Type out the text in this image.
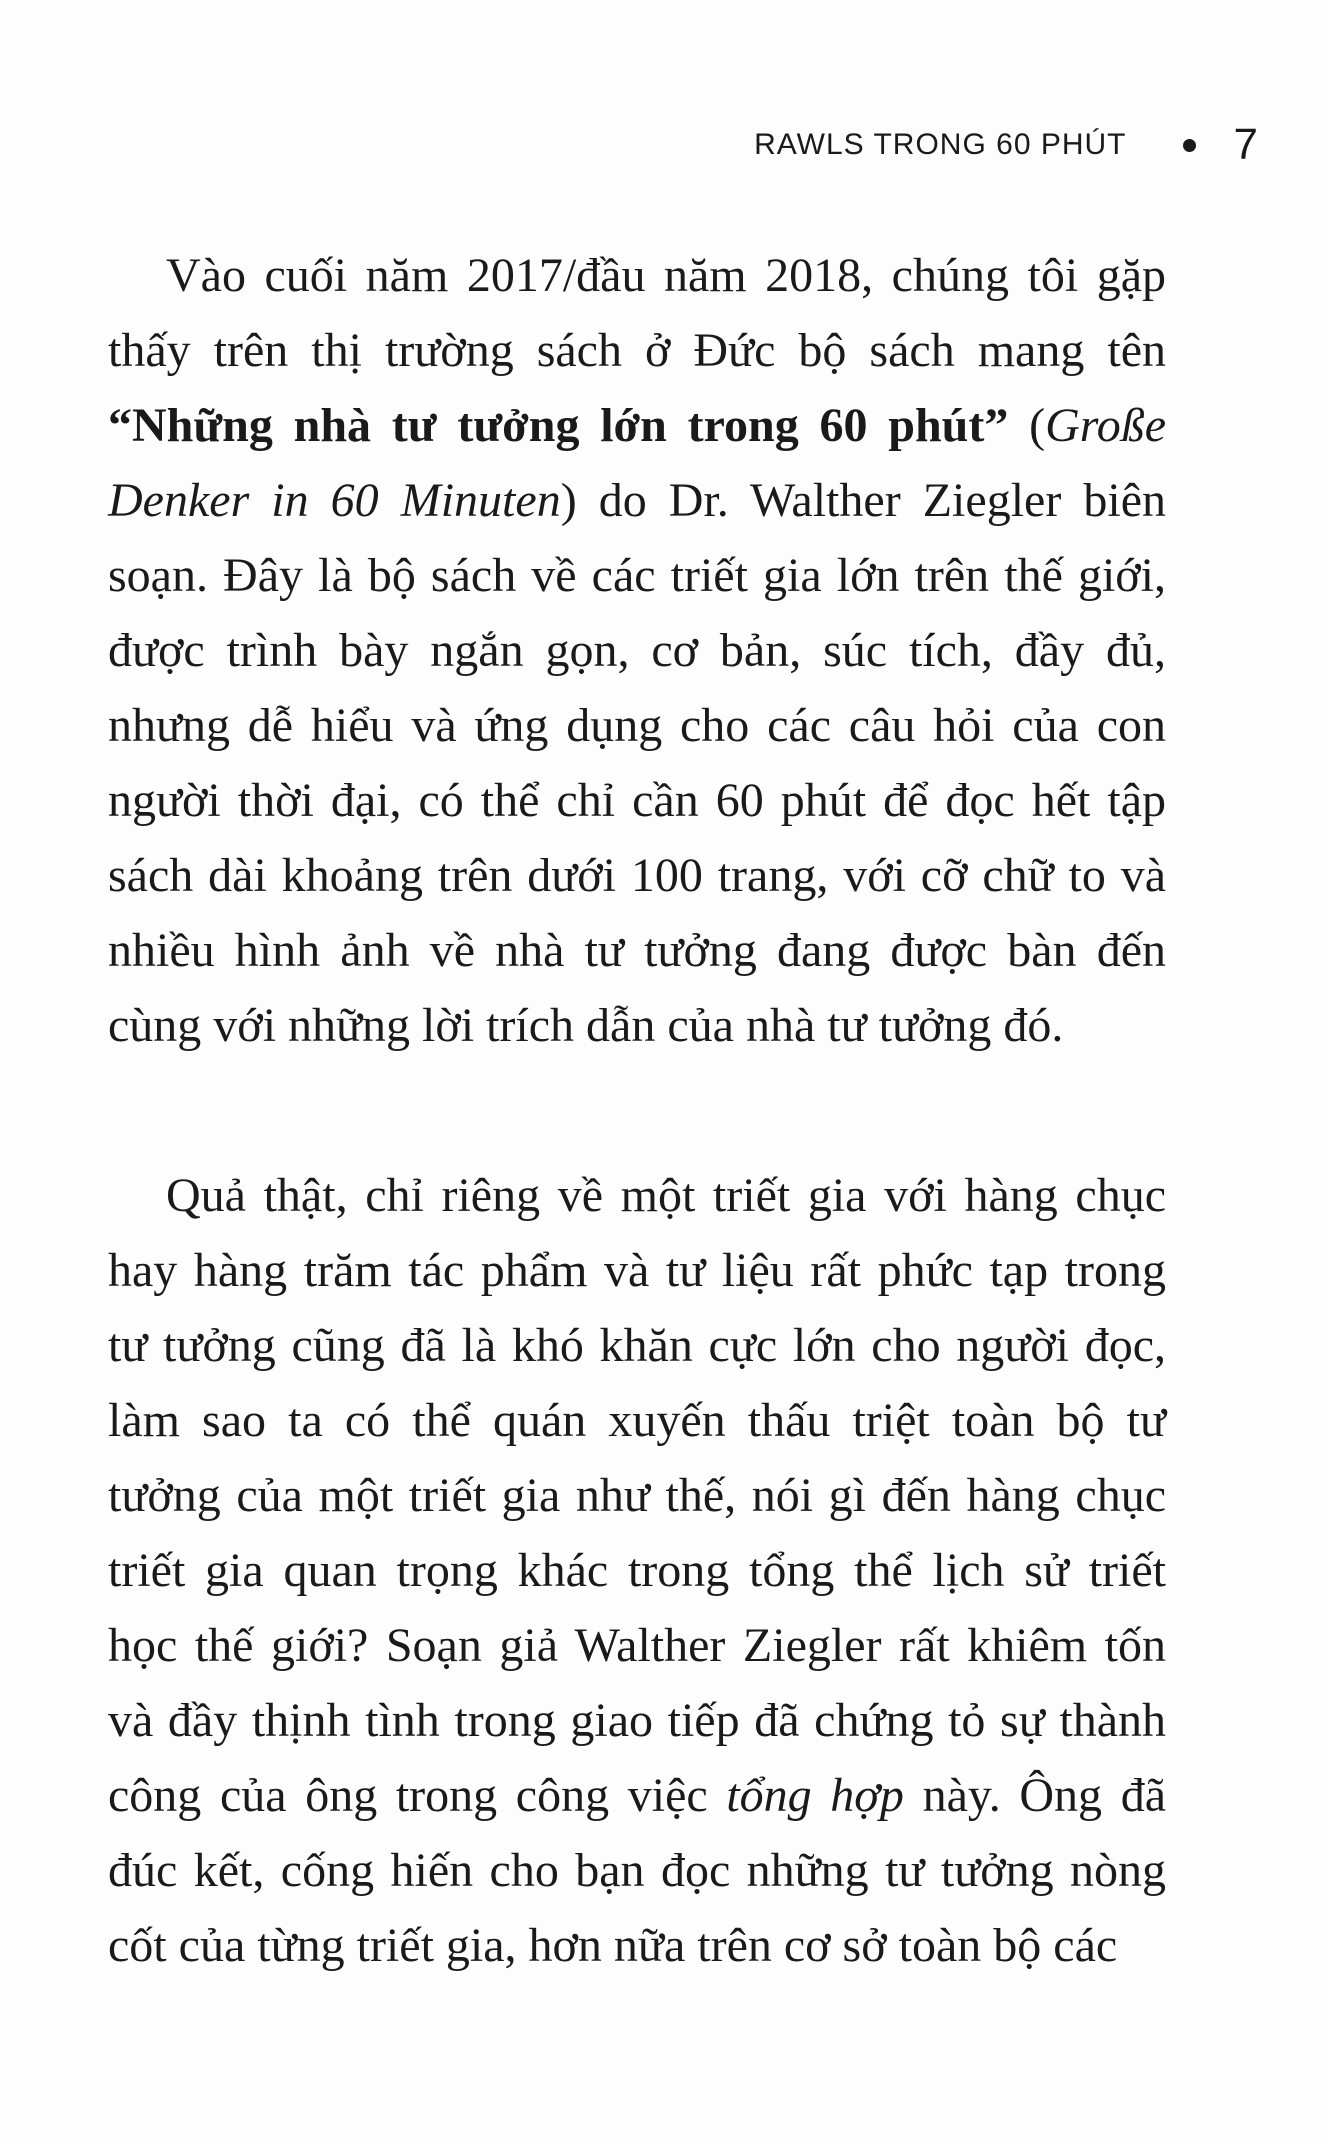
RAWLS TRONG 60 PHÚT 7

Vào cuối năm 2017/đầu năm 2018, chúng tôi gặp thấy trên thị trường sách ở Đức bộ sách mang tên “Những nhà tư tưởng lớn trong 60 phút” (Große Denker in 60 Minuten) do Dr. Walther Ziegler biên soạn. Đây là bộ sách về các triết gia lớn trên thế giới, được trình bày ngắn gọn, cơ bản, súc tích, đầy đủ, nhưng dễ hiểu và ứng dụng cho các câu hỏi của con người thời đại, có thể chỉ cần 60 phút để đọc hết tập sách dài khoảng trên dưới 100 trang, với cỡ chữ to và nhiều hình ảnh về nhà tư tưởng đang được bàn đến cùng với những lời trích dẫn của nhà tư tưởng đó.

Quả thật, chỉ riêng về một triết gia với hàng chục hay hàng trăm tác phẩm và tư liệu rất phức tạp trong tư tưởng cũng đã là khó khăn cực lớn cho người đọc, làm sao ta có thể quán xuyến thấu triệt toàn bộ tư tưởng của một triết gia như thế, nói gì đến hàng chục triết gia quan trọng khác trong tổng thể lịch sử triết học thế giới? Soạn giả Walther Ziegler rất khiêm tốn và đầy thịnh tình trong giao tiếp đã chứng tỏ sự thành công của ông trong công việc tổng hợp này. Ông đã đúc kết, cống hiến cho bạn đọc những tư tưởng nòng cốt của từng triết gia, hơn nữa trên cơ sở toàn bộ các
